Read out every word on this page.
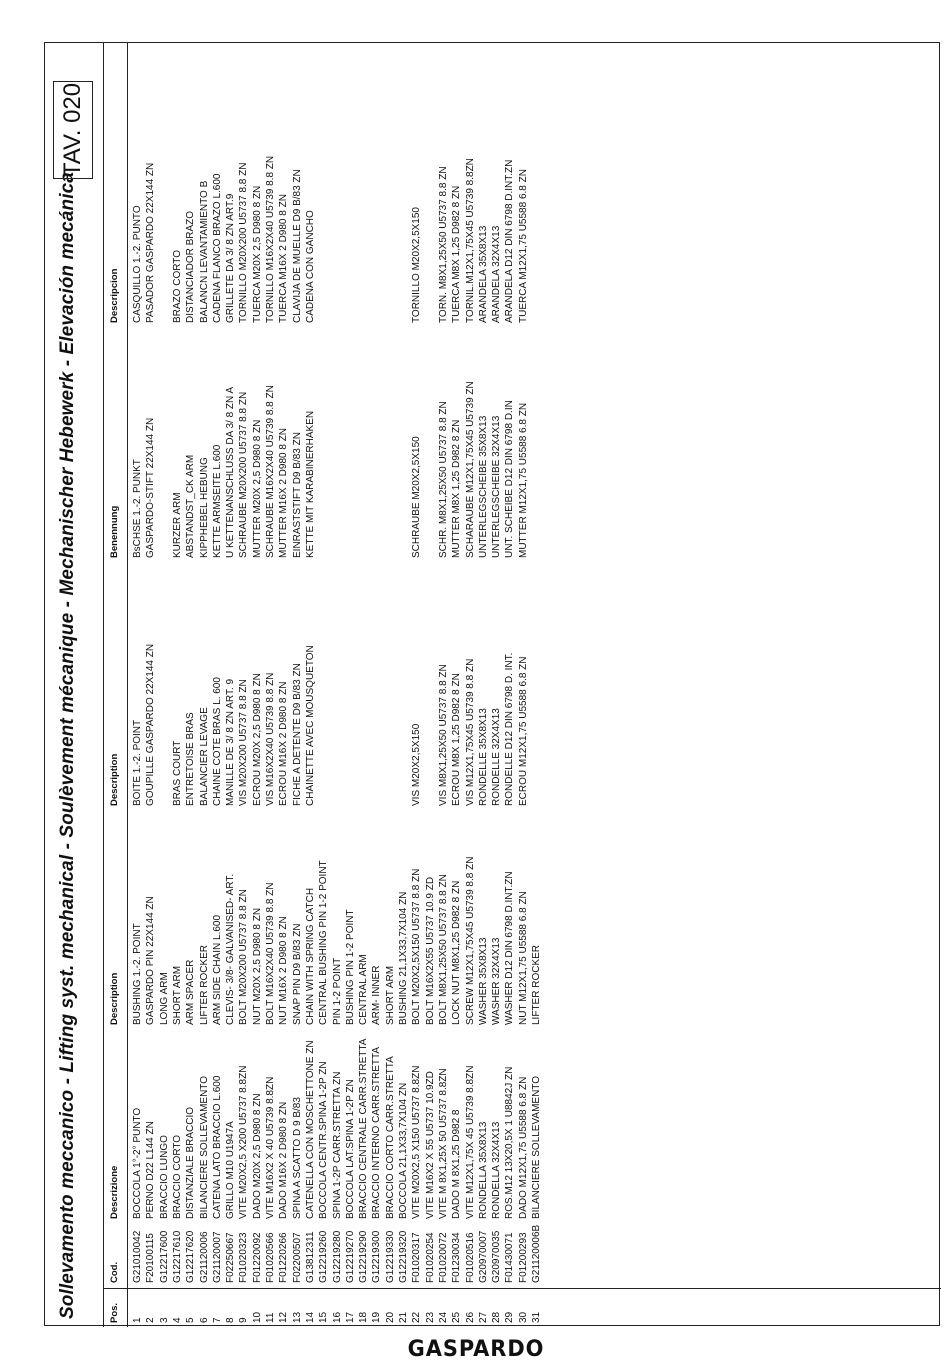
Sollevamento meccanico - Lifting syst. mechanical - Soulèvement mécanique - Mechanischer Hebewerk - Elevación mecánica
TAV. 020
Pos.
Cod.
Descrizione
Description
Description
Benennung
Descripcion
1
G21010042
BOCCOLA 1°-2° PUNTO
BUSHING 1.-2. POINT
BOITE 1.-2. POINT
BsCHSE 1.-2. PUNKT
CASQUILLO 1.-2. PUNTO
2
F20100115
PERNO D22 L144 ZN
GASPARDO PIN 22X144 ZN
GOUPILLE GASPARDO 22X144 ZN
GASPARDO-STIFT 22X144 ZN
PASADOR GASPARDO 22X144 ZN
3
G12217600
BRACCIO LUNGO
LONG ARM
4
G12217610
BRACCIO CORTO
SHORT ARM
BRAS COURT
KURZER ARM
BRAZO CORTO
5
G12217620
DISTANZIALE BRACCIO
ARM SPACER
ENTRETOISE BRAS
ABSTANDST_CK ARM
DISTANCIADOR BRAZO
6
G21120006
BILANCIERE SOLLEVAMENTO
LIFTER ROCKER
BALANCIER LEVAGE
KIPPHEBEL HEBUNG
BALANCN LEVANTAMIENTO B
7
G21120007
CATENA LATO BRACCIO L.600
ARM SIDE CHAIN L.600
CHAINE COTE BRAS L. 600
KETTE ARMSEITE L.600
CADENA FLANCO BRAZO L.600
8
F02250667
GRILLO M10 U1947A
CLEVIS- 3/8- GALVANISED- ART.
MANILLE DE 3/ 8 ZN ART. 9
U KETTENANSCHLUSS DA 3/ 8 ZN A
GRILLETE DA 3/ 8 ZN ART.9
9
F01020323
VITE M20X2,5 X200 U5737 8.8ZN
BOLT M20X200 U5737 8.8 ZN
VIS M20X200 U5737 8.8 ZN
SCHRAUBE M20X200 U5737 8.8 ZN
TORNILLO M20X200 U5737 8.8 ZN
10
F01220092
DADO M20X 2,5 D980 8 ZN
NUT M20X 2,5 D980 8 ZN
ECROU M20X 2,5 D980 8 ZN
MUTTER M20X 2,5 D980 8 ZN
TUERCA M20X 2,5 D980 8 ZN
11
F01020566
VITE M16X2 X 40 U5739 8.8ZN
BOLT M16X2X40 U5739 8.8 ZN
VIS M16X2X40 U5739 8.8 ZN
SCHRAUBE M16X2X40 U5739 8.8 ZN
TORNILLO M16X2X40 U5739 8.8 ZN
12
F01220266
DADO M16X 2 D980 8 ZN
NUT M16X 2 D980 8 ZN
ECROU M16X 2 D980 8 ZN
MUTTER M16X 2 D980 8 ZN
TUERCA M16X 2 D980 8 ZN
13
F02200507
SPINA A SCATTO D 9 B/83
SNAP PIN D9 B/83 ZN
FICHE A DETENTE D9 B/83 ZN
EINRASTSTIFT D9 B/83 ZN
CLAVIJA DE MUELLE D9 B/83 ZN
14
G13812311
CATENELLA CON MOSCHETTONE ZN
CHAIN WITH SPRING CATCH
CHAINETTE AVEC MOUSQUETON
KETTE MIT KARABINERHAKEN
CADENA CON GANCHO
15
G12219260
BOCCOLA CENTR.SPINA 1-2P ZN
CENTRAL BUSHING PIN 1-2 POINT
16
G12219280
SPINA 1-2P CARR.STRETTA ZN
PIN 1-2 POINT
17
G12219270
BOCCOLA LAT.SPINA 1-2P ZN
BUSHING PIN 1-2 POINT
18
G12219290
BRACCIO CENTRALE CARR.STRETTA
CENTRAL ARM
19
G12219300
BRACCIO INTERNO CARR.STRETTA
ARM- INNER
20
G12219330
BRACCIO CORTO CARR.STRETTA
SHORT ARM
21
G12219320
BOCCOLA 21,1X33,7X104 ZN
BUSHING 21,1X33,7X104 ZN
22
F01020317
VITE M20X2,5 X150 U5737 8.8ZN
BOLT M20X2,5X150 U5737 8.8 ZN
VIS M20X2,5X150
SCHRAUBE M20X2,5X150
TORNILLO M20X2,5X150
23
F01020254
VITE M16X2 X 55 U5737 10.9ZD
BOLT M16X2X55 U5737 10.9 ZD
24
F01020072
VITE M 8X1,25X 50 U5737 8.8ZN
BOLT M8X1,25X50 U5737 8.8 ZN
VIS M8X1,25X50 U5737 8.8 ZN
SCHR. M8X1,25X50 U5737 8.8 ZN
TORN. M8X1,25X50 U5737 8.8 ZN
25
F01230034
DADO M 8X1,25 D982 8
LOCK NUT M8X1,25 D982 8 ZN
ECROU M8X 1,25 D982 8 ZN
MUTTER M8X 1,25 D982 8 ZN
TUERCA M8X 1,25 D982 8 ZN
26
F01020516
VITE M12X1,75X 45 U5739 8.8ZN
SCREW M12X1,75X45 U5739 8.8 ZN
VIS M12X1,75X45 U5739 8.8 ZN
SCHARAUBE M12X1,75X45 U5739 ZN
TORNIL.M12X1,75X45 U5739 8.8ZN
27
G20970007
RONDELLA 35X8X13
WASHER 35X8X13
RONDELLE 35X8X13
UNTERLEGSCHEIBE 35X8X13
ARANDELA 35X8X13
28
G20970035
RONDELLA 32X4X13
WASHER 32X4X13
RONDELLE 32X4X13
UNTERLEGSCHEIBE 32X4X13
ARANDELA 32X4X13
29
F01430071
ROS.M12 13X20,5X 1 U8842J ZN
WASHER D12 DIN 6798 D.INT.ZN
RONDELLE D12 DIN 6798 D. INT.
UNT. SCHEIBE D12 DIN 6798 D.IN
ARANDELA D12 DIN 6798 D.INT.ZN
30
F01200293
DADO M12X1,75 U5588 6.8 ZN
NUT M12X1,75 U5588 6.8 ZN
ECROU M12X1,75 U5588 6.8 ZN
MUTTER M12X1,75 U5588 6.8 ZN
TUERCA M12X1,75 U5588 6.8 ZN
31
G21120006B
BILANCIERE SOLLEVAMENTO
LIFTER ROCKER
GASPARDO
